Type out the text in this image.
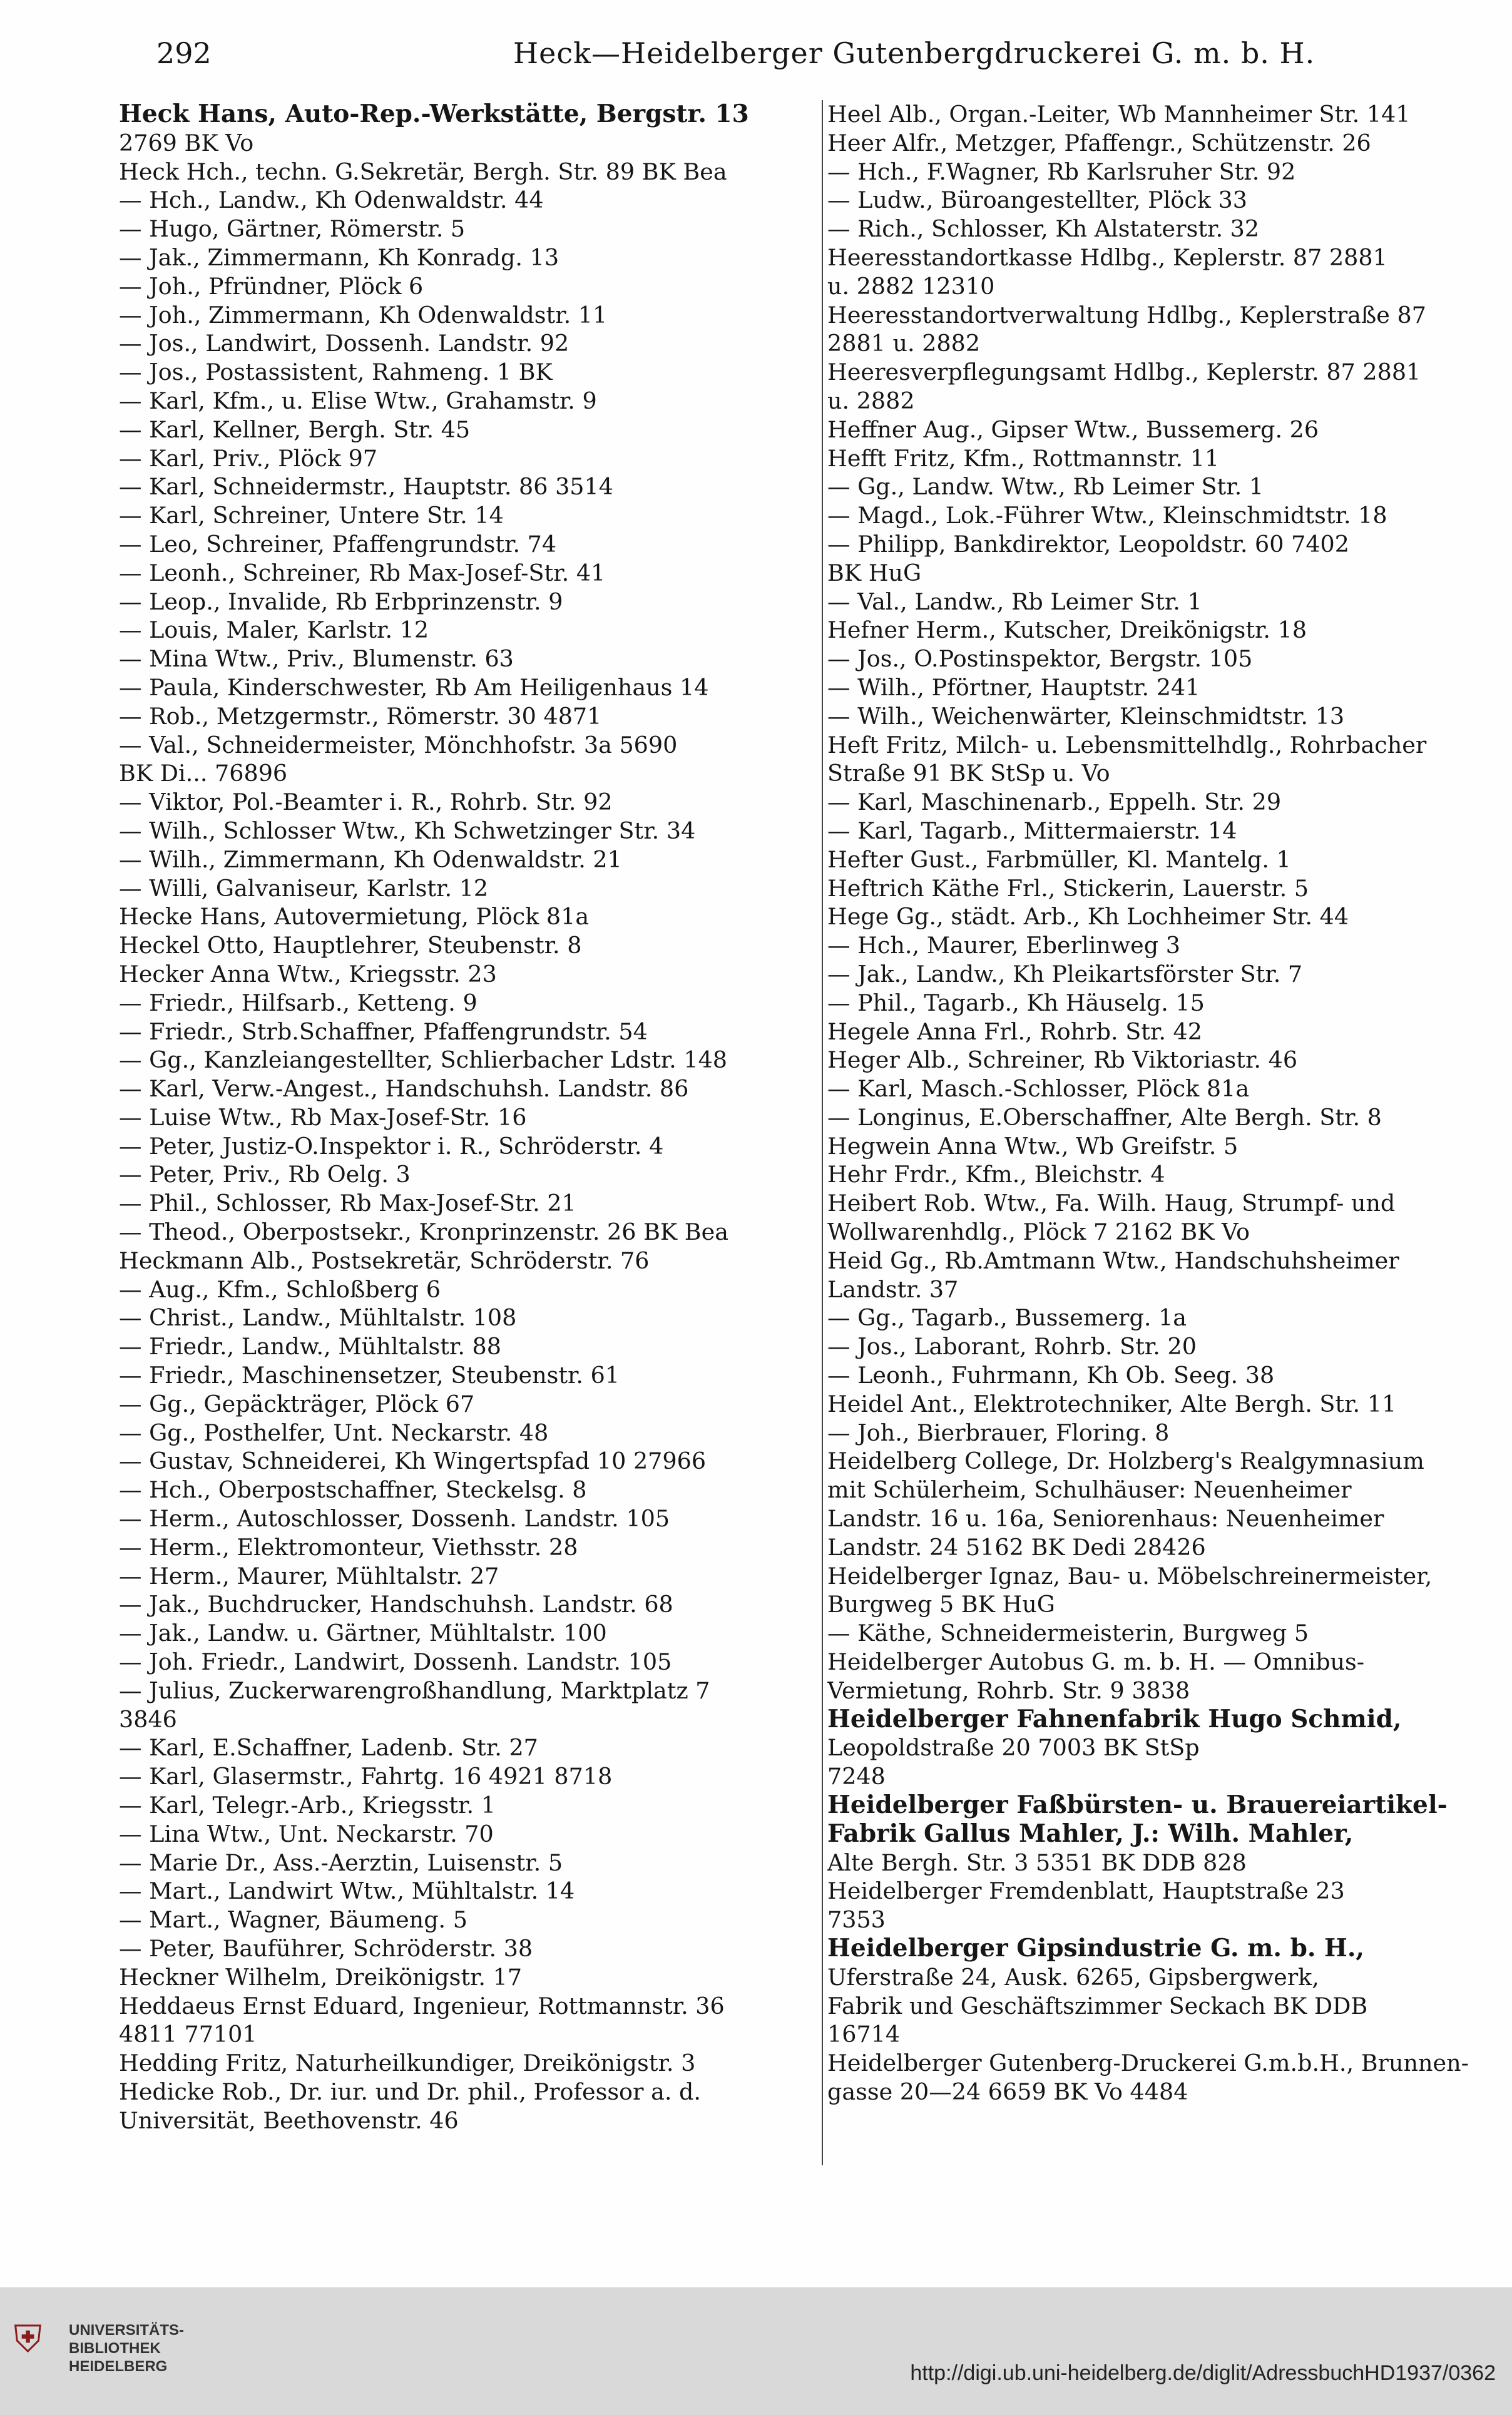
292	Heck—Heidelberger Gutenbergdruckerei G. m. b. H.
Heck Hans, Auto-Rep.-Werkstätte, Bergstr. 13
2769 BK Vo
Heck Hch., techn. G.Sekretär, Bergh. Str. 89 BK Bea
— Hch., Landw., Kh Odenwaldstr. 44
— Hugo, Gärtner, Römerstr. 5
— Jak., Zimmermann, Kh Konradg. 13
— Joh., Pfründner, Plöck 6
— Joh., Zimmermann, Kh Odenwaldstr. 11
— Jos., Landwirt, Dossenh. Landstr. 92
— Jos., Postassistent, Rahmeng. 1 BK
— Karl, Kfm., u. Elise Wtw., Grahamstr. 9
— Karl, Kellner, Bergh. Str. 45
— Karl, Priv., Plöck 97
— Karl, Schneidermstr., Hauptstr. 86 3514
— Karl, Schreiner, Untere Str. 14
— Leo, Schreiner, Pfaffengrundstr. 74
— Leonh., Schreiner, Rb Max-Josef-Str. 41
— Leop., Invalide, Rb Erbprinzenstr. 9
— Louis, Maler, Karlstr. 12
— Mina Wtw., Priv., Blumenstr. 63
— Paula, Kinderschwester, Rb Am Heiligenhaus 14
— Rob., Metzgermstr., Römerstr. 30 4871
— Val., Schneidermeister, Mönchhofstr. 3a 5690
BK Di... 76896
— Viktor, Pol.-Beamter i. R., Rohrb. Str. 92
— Wilh., Schlosser Wtw., Kh Schwetzinger Str. 34
— Wilh., Zimmermann, Kh Odenwaldstr. 21
— Willi, Galvaniseur, Karlstr. 12
Hecke Hans, Autovermietung, Plöck 81a
Heckel Otto, Hauptlehrer, Steubenstr. 8
Hecker Anna Wtw., Kriegsstr. 23
— Friedr., Hilfsarb., Ketteng. 9
— Friedr., Strb.Schaffner, Pfaffengrundstr. 54
— Gg., Kanzleiangestellter, Schlierbacher Ldstr. 148
— Karl, Verw.-Angest., Handschuhsh. Landstr. 86
— Luise Wtw., Rb Max-Josef-Str. 16
— Peter, Justiz-O.Inspektor i. R., Schröderstr. 4
— Peter, Priv., Rb Oelg. 3
— Phil., Schlosser, Rb Max-Josef-Str. 21
— Theod., Oberpostsekr., Kronprinzenstr. 26 BK Bea
Heckmann Alb., Postsekretär, Schröderstr. 76
— Aug., Kfm., Schloßberg 6
— Christ., Landw., Mühltalstr. 108
— Friedr., Landw., Mühltalstr. 88
— Friedr., Maschinensetzer, Steubenstr. 61
— Gg., Gepäckträger, Plöck 67
— Gg., Posthelfer, Unt. Neckarstr. 48
— Gustav, Schneiderei, Kh Wingertspfad 10 27966
— Hch., Oberpostschaffner, Steckelsg. 8
— Herm., Autoschlosser, Dossenh. Landstr. 105
— Herm., Elektromonteur, Viethsstr. 28
— Herm., Maurer, Mühltalstr. 27
— Jak., Buchdrucker, Handschuhsh. Landstr. 68
— Jak., Landw. u. Gärtner, Mühltalstr. 100
— Joh. Friedr., Landwirt, Dossenh. Landstr. 105
— Julius, Zuckerwarengroßhandlung, Marktplatz 7
3846
— Karl, E.Schaffner, Ladenb. Str. 27
— Karl, Glasermstr., Fahrtg. 16 4921 8718
— Karl, Telegr.-Arb., Kriegsstr. 1
— Lina Wtw., Unt. Neckarstr. 70
— Marie Dr., Ass.-Aerztin, Luisenstr. 5
— Mart., Landwirt Wtw., Mühltalstr. 14
— Mart., Wagner, Bäumeng. 5
— Peter, Bauführer, Schröderstr. 38
Heckner Wilhelm, Dreikönigstr. 17
Heddaeus Ernst Eduard, Ingenieur, Rottmannstr. 36
4811 77101
Hedding Fritz, Naturheilkundiger, Dreikönigstr. 3
Hedicke Rob., Dr. iur. und Dr. phil., Professor a. d.
Universität, Beethovenstr. 46
Heel Alb., Organ.-Leiter, Wb Mannheimer Str. 141
Heer Alfr., Metzger, Pfaffengr., Schützenstr. 26
— Hch., F.Wagner, Rb Karlsruher Str. 92
— Ludw., Büroangestellter, Plöck 33
— Rich., Schlosser, Kh Alstaterstr. 32
Heeresstandortkasse Hdlbg., Keplerstr. 87 2881
u. 2882 12310
Heeresstandortverwaltung Hdlbg., Keplerstraße 87
2881 u. 2882
Heeresverpflegungsamt Hdlbg., Keplerstr. 87 2881
u. 2882
Heffner Aug., Gipser Wtw., Bussemerg. 26
Hefft Fritz, Kfm., Rottmannstr. 11
— Gg., Landw. Wtw., Rb Leimer Str. 1
— Magd., Lok.-Führer Wtw., Kleinschmidtstr. 18
— Philipp, Bankdirektor, Leopoldstr. 60 7402
BK HuG
— Val., Landw., Rb Leimer Str. 1
Hefner Herm., Kutscher, Dreikönigstr. 18
— Jos., O.Postinspektor, Bergstr. 105
— Wilh., Pförtner, Hauptstr. 241
— Wilh., Weichenwärter, Kleinschmidtstr. 13
Heft Fritz, Milch- u. Lebensmittelhdlg., Rohrbacher
Straße 91 BK StSp u. Vo
— Karl, Maschinenarb., Eppelh. Str. 29
— Karl, Tagarb., Mittermaierstr. 14
Hefter Gust., Farbmüller, Kl. Mantelg. 1
Heftrich Käthe Frl., Stickerin, Lauerstr. 5
Hege Gg., städt. Arb., Kh Lochheimer Str. 44
— Hch., Maurer, Eberlinweg 3
— Jak., Landw., Kh Pleikartsförster Str. 7
— Phil., Tagarb., Kh Häuselg. 15
Hegele Anna Frl., Rohrb. Str. 42
Heger Alb., Schreiner, Rb Viktoriastr. 46
— Karl, Masch.-Schlosser, Plöck 81a
— Longinus, E.Oberschaffner, Alte Bergh. Str. 8
Hegwein Anna Wtw., Wb Greifstr. 5
Hehr Frdr., Kfm., Bleichstr. 4
Heibert Rob. Wtw., Fa. Wilh. Haug, Strumpf- und
Wollwarenhdlg., Plöck 7 2162 BK Vo
Heid Gg., Rb.Amtmann Wtw., Handschuhsheimer
Landstr. 37
— Gg., Tagarb., Bussemerg. 1a
— Jos., Laborant, Rohrb. Str. 20
— Leonh., Fuhrmann, Kh Ob. Seeg. 38
Heidel Ant., Elektrotechniker, Alte Bergh. Str. 11
— Joh., Bierbrauer, Floring. 8
Heidelberg College, Dr. Holzberg's Realgymnasium
mit Schülerheim, Schulhäuser: Neuenheimer
Landstr. 16 u. 16a, Seniorenhaus: Neuenheimer
Landstr. 24 5162 BK Dedi 28426
Heidelberger Ignaz, Bau- u. Möbelschreinermeister,
Burgweg 5 BK HuG
— Käthe, Schneidermeisterin, Burgweg 5
Heidelberger Autobus G. m. b. H. — Omnibus-
Vermietung, Rohrb. Str. 9 3838
Heidelberger Fahnenfabrik Hugo Schmid,
Leopoldstraße 20 7003 BK StSp
7248
Heidelberger Faßbürsten- u. Brauereiartikel-
Fabrik Gallus Mahler, J.: Wilh. Mahler,
Alte Bergh. Str. 3 5351 BK DDB 828
Heidelberger Fremdenblatt, Hauptstraße 23
7353
Heidelberger Gipsindustrie G. m. b. H.,
Uferstraße 24, Ausk. 6265, Gipsbergwerk,
Fabrik und Geschäftszimmer Seckach BK DDB
16714
Heidelberger Gutenberg-Druckerei G.m.b.H., Brunnen-
gasse 20—24 6659 BK Vo 4484
⛨ UNIVERSITÄTS-
BIBLIOTHEK
HEIDELBERG	http://digi.ub.uni-heidelberg.de/diglit/AdressbuchHD1937/0362
